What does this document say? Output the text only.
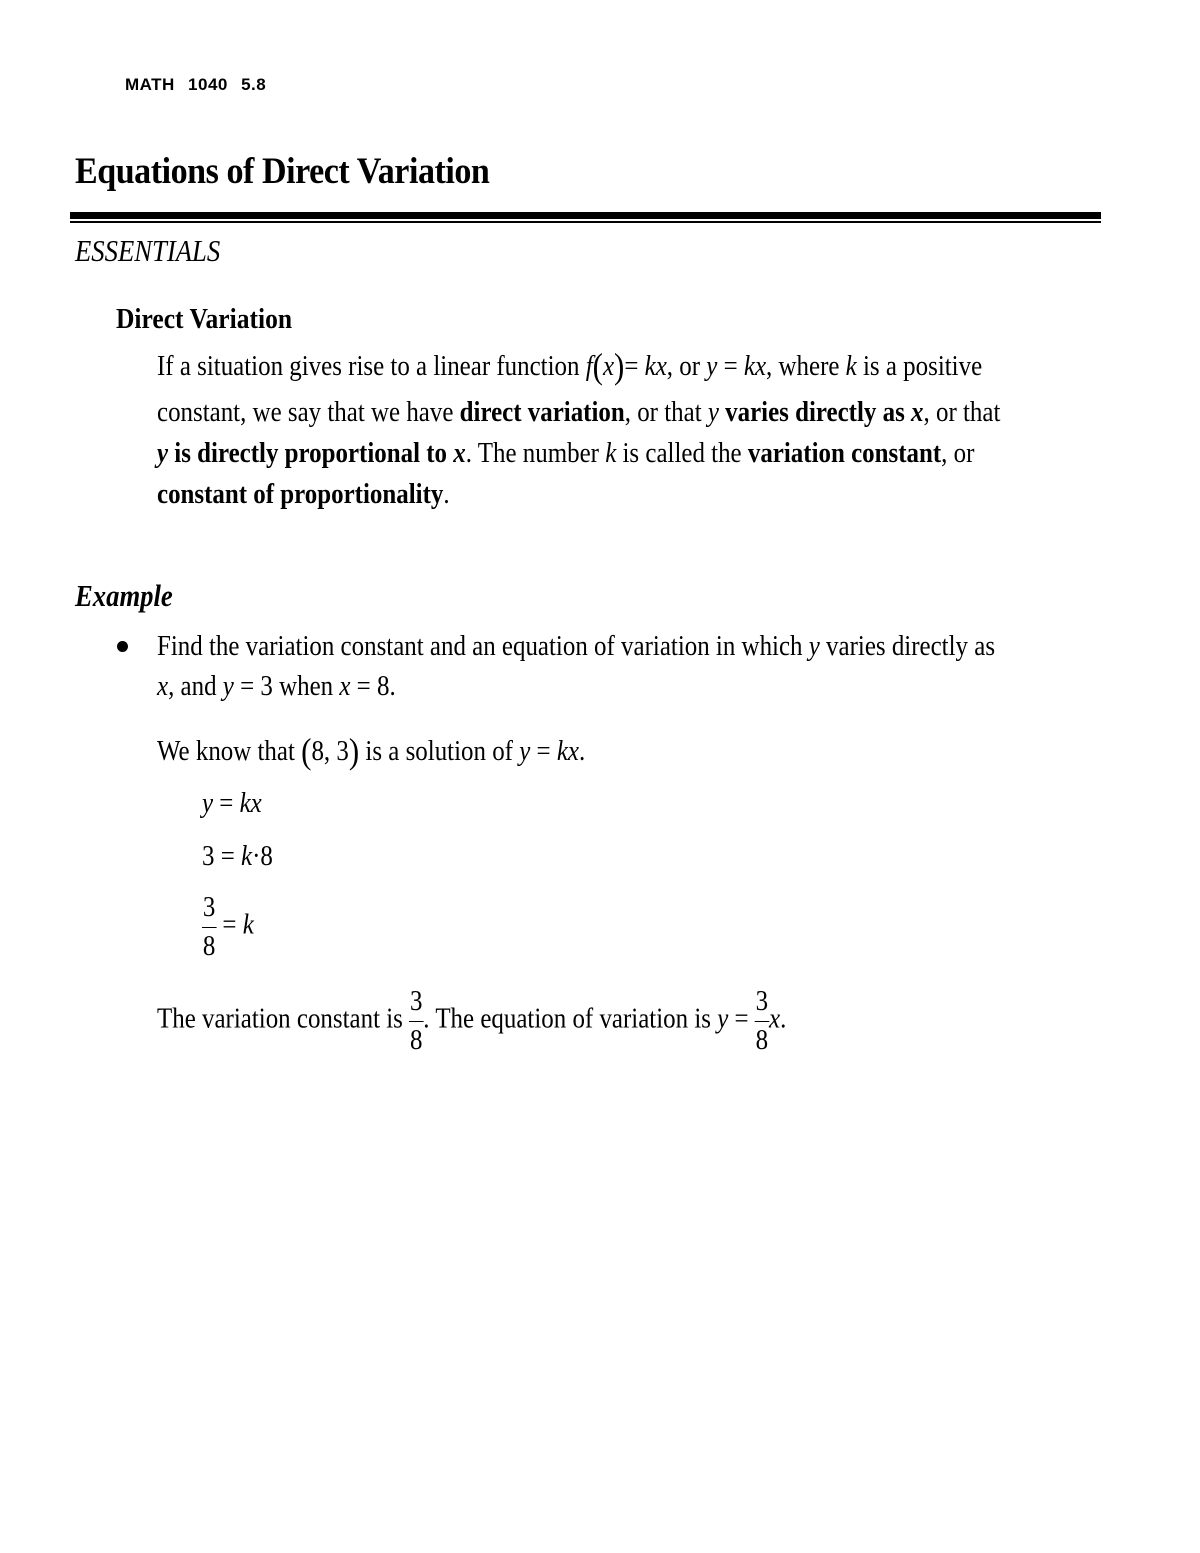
MATH 1040 5.8
Equations of Direct Variation
ESSENTIALS
Direct Variation
If a situation gives rise to a linear function f(x)= kx, or y = kx, where k is a positive
constant, we say that we have direct variation, or that y varies directly as x, or that
y is directly proportional to x. The number k is called the variation constant, or
constant of proportionality.
Example
Find the variation constant and an equation of variation in which y varies directly as
x, and y = 3 when x = 8.
We know that (8, 3) is a solution of y = kx.
y = kx
3 = k·8
$\frac{3}{8} = k$
The variation constant is $\frac{3}{8}$ . The equation of variation is $y = \frac{3}{8} x$.
